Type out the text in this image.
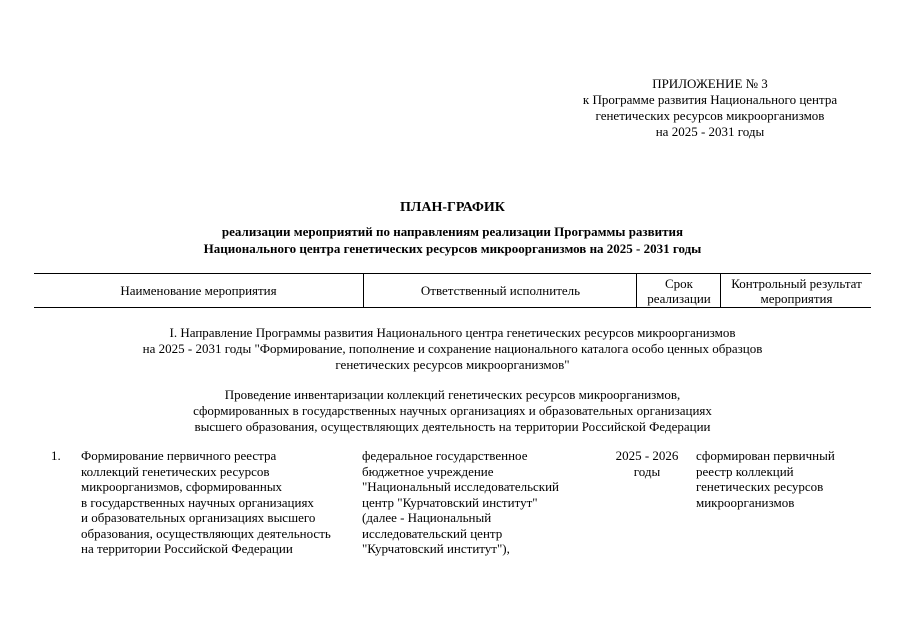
ПРИЛОЖЕНИЕ № 3
к Программе развития Национального центра
генетических ресурсов микроорганизмов
на 2025 - 2031 годы
ПЛАН-ГРАФИК
реализации мероприятий по направлениям реализации Программы развития
Национального центра генетических ресурсов микроорганизмов на 2025 - 2031 годы
Наименование мероприятия	Ответственный исполнитель	Срок
реализации
Контрольный результат
мероприятия
I. Направление Программы развития Национального центра генетических ресурсов микроорганизмов
на 2025 - 2031 годы "Формирование, пополнение и сохранение национального каталога особо ценных образцов
генетических ресурсов микроорганизмов"
Проведение инвентаризации коллекций генетических ресурсов микроорганизмов,
сформированных в государственных научных организациях и образовательных организациях
высшего образования, осуществляющих деятельность на территории Российской Федерации
1. Формирование первичного реестра
коллекций генетических ресурсов
микроорганизмов, сформированных
в государственных научных организациях
и образовательных организациях высшего
образования, осуществляющих деятельность
на территории Российской Федерации
федеральное государственное
бюджетное учреждение
"Национальный исследовательский
центр "Курчатовский институт"
(далее - Национальный
исследовательский центр
"Курчатовский институт"),
2025 - 2026
годы
сформирован первичный
реестр коллекций
генетических ресурсов
микроорганизмов
